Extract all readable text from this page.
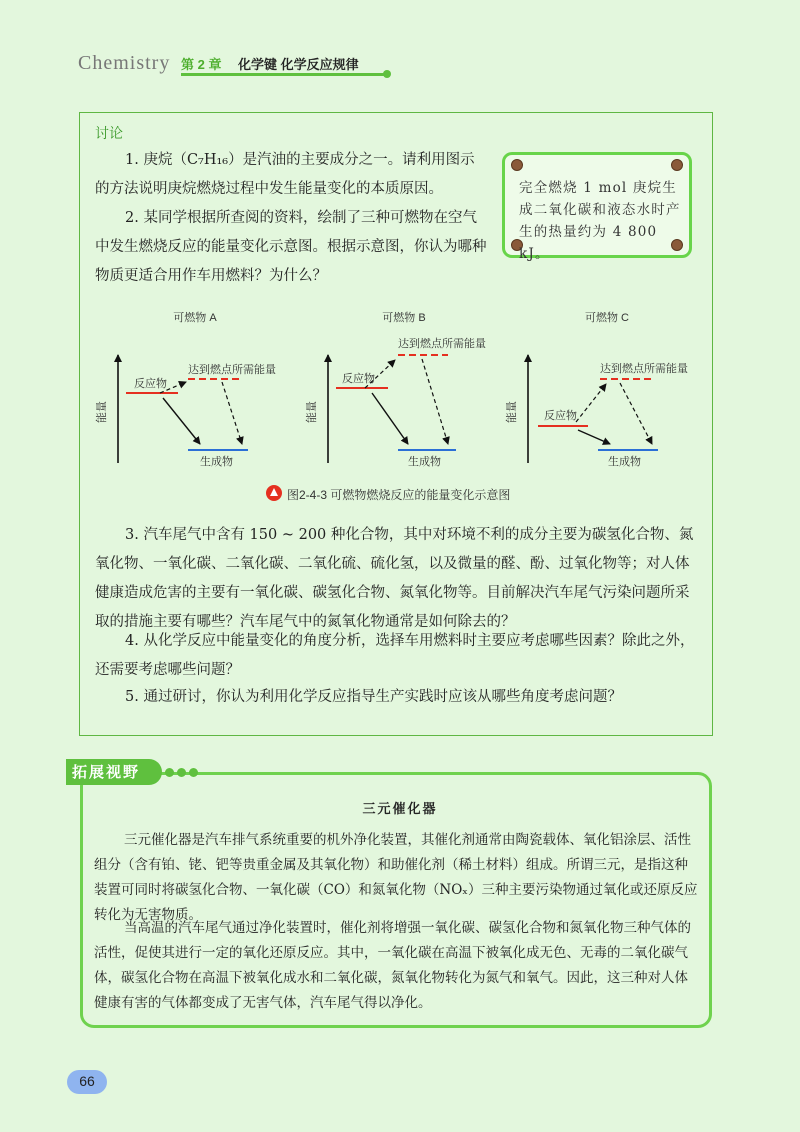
Chemistry 第 2 章 化学键 化学反应规律
讨论
1. 庚烷（C₇H₁₆）是汽油的主要成分之一。请利用图示的方法说明庚烷燃烧过程中发生能量变化的本质原因。
2. 某同学根据所查阅的资料，绘制了三种可燃物在空气中发生燃烧反应的能量变化示意图。根据示意图，你认为哪种物质更适合用作车用燃料？为什么？
完全燃烧 1 mol 庚烷生成二氧化碳和液态水时产生的热量约为 4 800 kJ。
可燃物 A
能量
反应物
达到燃点所需能量
生成物
可燃物 B
能量
反应物
达到燃点所需能量
生成物
可燃物 C
能量 反应物
达到燃点所需能量
生成物
图2-4-3 可燃物燃烧反应的能量变化示意图
3. 汽车尾气中含有 150 ~ 200 种化合物，其中对环境不利的成分主要为碳氢化合物、氮氧化物、一氧化碳、二氧化碳、二氧化硫、硫化氢，以及微量的醛、酚、过氧化物等；对人体健康造成危害的主要有一氧化碳、碳氢化合物、氮氧化物等。目前解决汽车尾气污染问题所采取的措施主要有哪些？汽车尾气中的氮氧化物通常是如何除去的？
4. 从化学反应中能量变化的角度分析，选择车用燃料时主要应考虑哪些因素？除此之外，还需要考虑哪些问题？
5. 通过研讨，你认为利用化学反应指导生产实践时应该从哪些角度考虑问题？
拓展视野
三元催化器
三元催化器是汽车排气系统重要的机外净化装置，其催化剂通常由陶瓷载体、氧化铝涂层、活性组分（含有铂、铑、钯等贵重金属及其氧化物）和助催化剂（稀土材料）组成。所谓三元，是指这种装置可同时将碳氢化合物、一氧化碳（CO）和氮氧化物（NOₓ）三种主要污染物通过氧化或还原反应转化为无害物质。
当高温的汽车尾气通过净化装置时，催化剂将增强一氧化碳、碳氢化合物和氮氧化物三种气体的活性，促使其进行一定的氧化还原反应。其中，一氧化碳在高温下被氧化成无色、无毒的二氧化碳气体，碳氢化合物在高温下被氧化成水和二氧化碳，氮氧化物转化为氮气和氧气。因此，这三种对人体健康有害的气体都变成了无害气体，汽车尾气得以净化。
66
